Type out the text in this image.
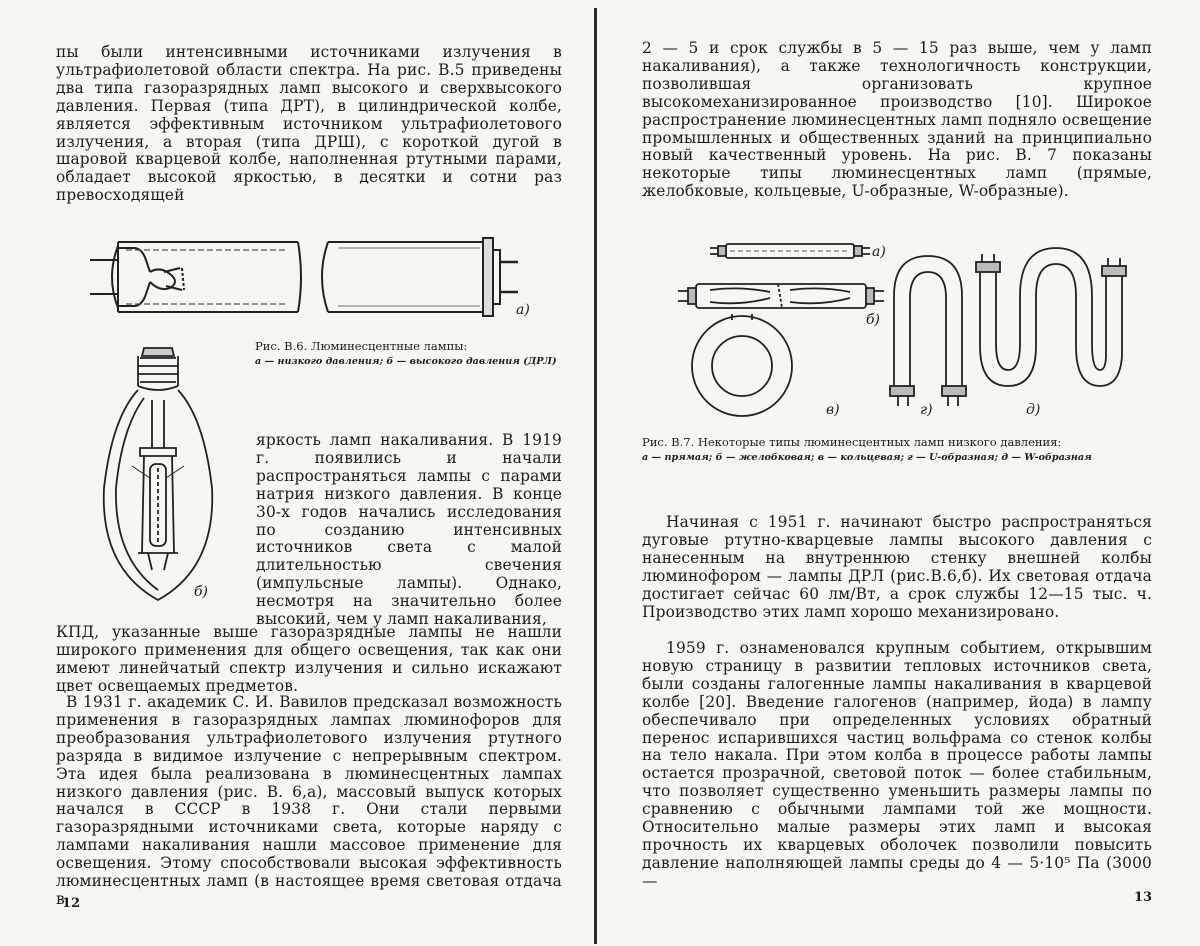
пы были интенсивными источниками излучения в ультрафиолетовой области спектра. На рис. В.5 приведены два типа газоразрядных ламп высокого и сверхвысокого давления. Первая (типа ДРТ), в цилиндрической колбе, является эффективным источником ультрафиолетового излучения, а вторая (типа ДРШ), с короткой дугой в шаровой кварцевой колбе, наполненная ртутными парами, обладает высокой яркостью, в десятки и сотни раз превосходящей

а)
б)

Рис. В.6. Люминесцентные лампы:

а — низкого давления; б — высокого давления (ДРЛ)

яркость ламп накаливания. В 1919 г. появились и начали распространяться лампы с парами натрия низкого давления. В конце 30-х годов начались исследования по созданию интенсивных источников света с малой длительностью свечения (импульсные лампы). Однако, несмотря на значительно более высокий, чем у ламп накаливания,

КПД, указанные выше газоразрядные лампы не нашли широкого применения для общего освещения, так как они имеют линейчатый спектр излучения и сильно искажают цвет освещаемых предметов.

В 1931 г. академик С. И. Вавилов предсказал возможность применения в газоразрядных лампах люминофоров для преобразования ультрафиолетового излучения ртутного разряда в видимое излучение с непрерывным спектром. Эта идея была реализована в люминесцентных лампах низкого давления (рис. В. 6,а), массовый выпуск которых начался в СССР в 1938 г. Они стали первыми газоразрядными источниками света, которые наряду с лампами накаливания нашли массовое применение для освещения. Этому способствовали высокая эффективность люминесцентных ламп (в настоящее время световая отдача в

12

2 — 5 и срок службы в 5 — 15 раз выше, чем у ламп накаливания), а также технологичность конструкции, позволившая организовать крупное высокомеханизированное производство [10]. Широкое распространение люминесцентных ламп подняло освещение промышленных и общественных зданий на принципиально новый качественный уровень. На рис. В. 7 показаны некоторые типы люминесцентных ламп (прямые, желобковые, кольцевые, U-образные, W-образные).

а)
б)
в)	г)	д)

Рис. В.7. Некоторые типы люминесцентных ламп низкого давления:

а — прямая; б — желобковая; в — кольцевая; г — U-образная; д — W-образная

Начиная с 1951 г. начинают быстро распространяться дуговые ртутно-кварцевые лампы высокого давления с нанесенным на внутреннюю стенку внешней колбы люминофором — лампы ДРЛ (рис.В.6,б). Их световая отдача достигает сейчас 60 лм/Вт, а срок службы 12—15 тыс. ч. Производство этих ламп хорошо механизировано.

1959 г. ознаменовался крупным событием, открывшим новую страницу в развитии тепловых источников света, были созданы галогенные лампы накаливания в кварцевой колбе [20]. Введение галогенов (например, йода) в лампу обеспечивало при определенных условиях обратный перенос испарившихся частиц вольфрама со стенок колбы на тело накала. При этом колба в процессе работы лампы остается прозрачной, световой поток — более стабильным, что позволяет существенно уменьшить размеры лампы по сравнению с обычными лампами той же мощности. Относительно малые размеры этих ламп и высокая прочность их кварцевых оболочек позволили повысить давление наполняющей лампы среды до 4 — 5·10⁵ Па (3000—

13
